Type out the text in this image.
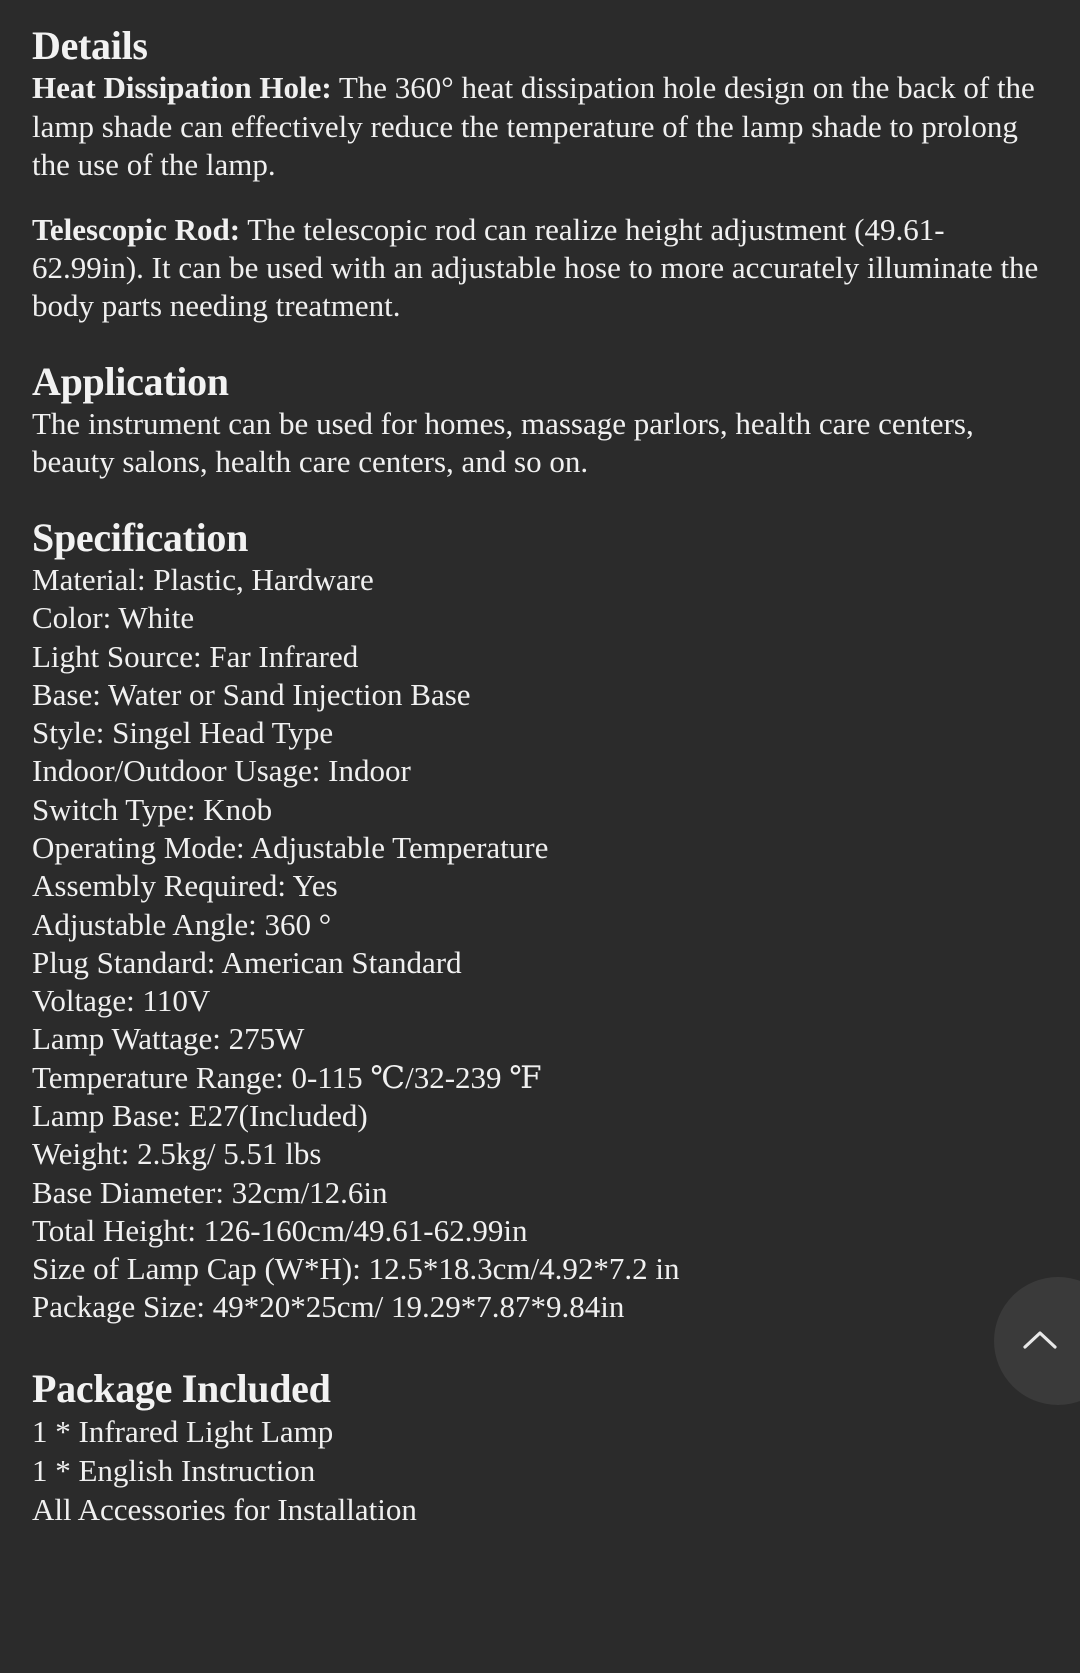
Details

Heat Dissipation Hole: The 360° heat dissipation hole design on the back of the lamp shade can effectively reduce the temperature of the lamp shade to prolong the use of the lamp.

Telescopic Rod: The telescopic rod can realize height adjustment (49.61-62.99in). It can be used with an adjustable hose to more accurately illuminate the body parts needing treatment.

Application

The instrument can be used for homes, massage parlors, health care centers, beauty salons, health care centers, and so on.

Specification
Material: Plastic, Hardware
Color: White
Light Source: Far Infrared
Base: Water or Sand Injection Base
Style: Singel Head Type
Indoor/Outdoor Usage: Indoor
Switch Type: Knob
Operating Mode: Adjustable Temperature
Assembly Required: Yes
Adjustable Angle: 360 °
Plug Standard: American Standard
Voltage: 110V
Lamp Wattage: 275W
Temperature Range: 0-115 ℃/32-239 ℉
Lamp Base: E27(Included)
Weight: 2.5kg/ 5.51 lbs
Base Diameter: 32cm/12.6in
Total Height: 126-160cm/49.61-62.99in
Size of Lamp Cap (W*H): 12.5*18.3cm/4.92*7.2 in
Package Size: 49*20*25cm/ 19.29*7.87*9.84in
Package Included
1 * Infrared Light Lamp
1 * English Instruction
All Accessories for Installation
